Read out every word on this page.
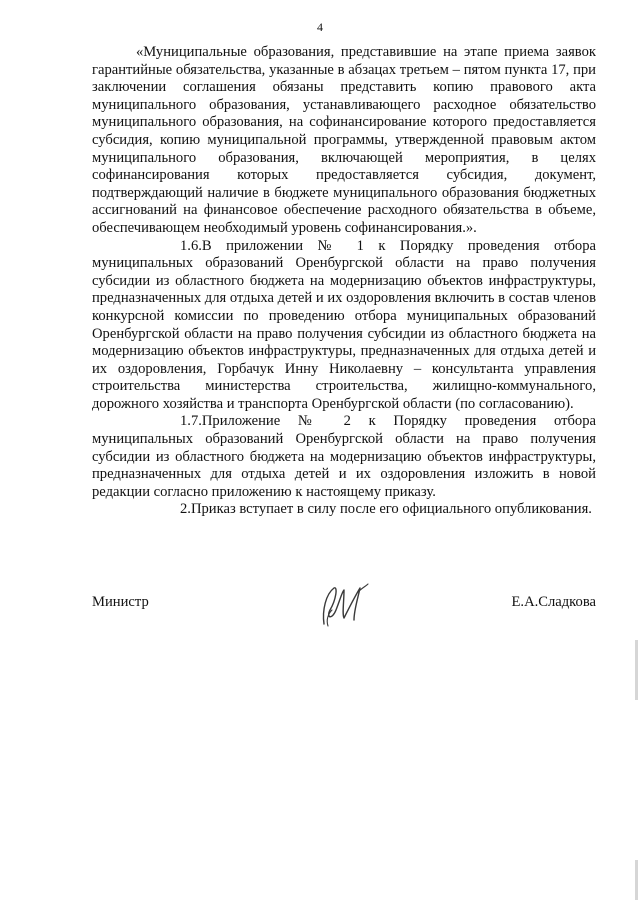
4

«Муниципальные образования, представившие на этапе приема заявок гарантийные обязательства, указанные в абзацах третьем – пятом пункта 17, при заключении соглашения обязаны представить копию правового акта муниципального образования, устанавливающего расходное обязательство муниципального образования, на софинансирование которого предоставляется субсидия, копию муниципальной программы, утвержденной правовым актом муниципального образования, включающей мероприятия, в целях софинансирования которых предоставляется субсидия, документ, подтверждающий наличие в бюджете муниципального образования бюджетных ассигнований на финансовое обеспечение расходного обязательства в объеме, обеспечивающем необходимый уровень софинансирования.».

1.6.В приложении № 1 к Порядку проведения отбора муниципальных образований Оренбургской области на право получения субсидии из областного бюджета на модернизацию объектов инфраструктуры, предназначенных для отдыха детей и их оздоровления включить в состав членов конкурсной комиссии по проведению отбора муниципальных образований Оренбургской области на право получения субсидии из областного бюджета на модернизацию объектов инфраструктуры, предназначенных для отдыха детей и их оздоровления, Горбачук Инну Николаевну – консультанта управления строительства министерства строительства, жилищно-коммунального, дорожного хозяйства и транспорта Оренбургской области (по согласованию).

1.7.Приложение № 2 к Порядку проведения отбора муниципальных образований Оренбургской области на право получения субсидии из областного бюджета на модернизацию объектов инфраструктуры, предназначенных для отдыха детей и их оздоровления изложить в новой редакции согласно приложению к настоящему приказу.

2.Приказ вступает в силу после его официального опубликования.

Министр	Е.А.Сладкова
